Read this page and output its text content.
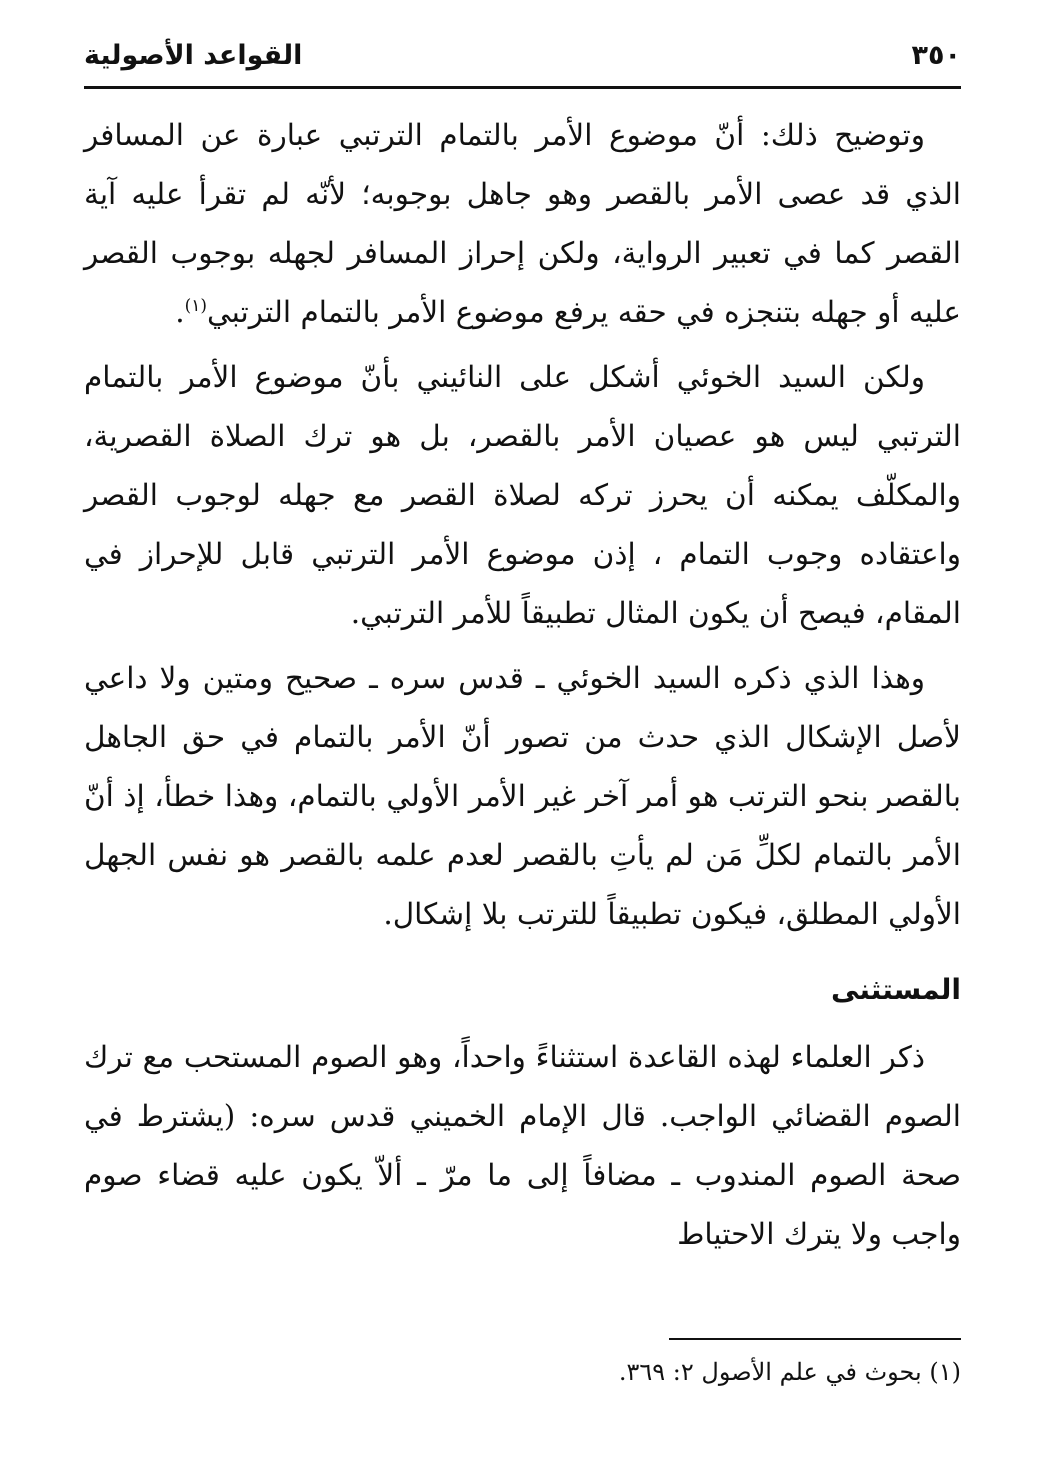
٣٥٠
القواعد الأصولية

وتوضيح ذلك: أنّ موضوع الأمر بالتمام الترتبي عبارة عن المسافر الذي قد عصى الأمر بالقصر وهو جاهل بوجوبه؛ لأنّه لم تقرأ عليه آية القصر كما في تعبير الرواية، ولكن إحراز المسافر لجهله بوجوب القصر عليه أو جهله بتنجزه في حقه يرفع موضوع الأمر بالتمام الترتبي$^{(١)}$.

ولكن السيد الخوئي أشكل على النائيني بأنّ موضوع الأمر بالتمام الترتبي ليس هو عصيان الأمر بالقصر، بل هو ترك الصلاة القصرية، والمكلّف يمكنه أن يحرز تركه لصلاة القصر مع جهله لوجوب القصر واعتقاده وجوب التمام ، إذن موضوع الأمر الترتبي قابل للإحراز في المقام، فيصح أن يكون المثال تطبيقاً للأمر الترتبي.

وهذا الذي ذكره السيد الخوئي ـ قدس سره ـ صحيح ومتين ولا داعي لأصل الإشكال الذي حدث من تصور أنّ الأمر بالتمام في حق الجاهل بالقصر بنحو الترتب هو أمر آخر غير الأمر الأولي بالتمام، وهذا خطأ، إذ أنّ الأمر بالتمام لكلِّ مَن لم يأتِ بالقصر لعدم علمه بالقصر هو نفس الجهل الأولي المطلق، فيكون تطبيقاً للترتب بلا إشكال.

المستثنى

ذكر العلماء لهذه القاعدة استثناءً واحداً، وهو الصوم المستحب مع ترك الصوم القضائي الواجب. قال الإمام الخميني قدس سره: (يشترط في صحة الصوم المندوب ـ مضافاً إلى ما مرّ ـ ألاّ يكون عليه قضاء صوم واجب ولا يترك الاحتياط

(١) بحوث في علم الأصول ٢: ٣٦٩.
